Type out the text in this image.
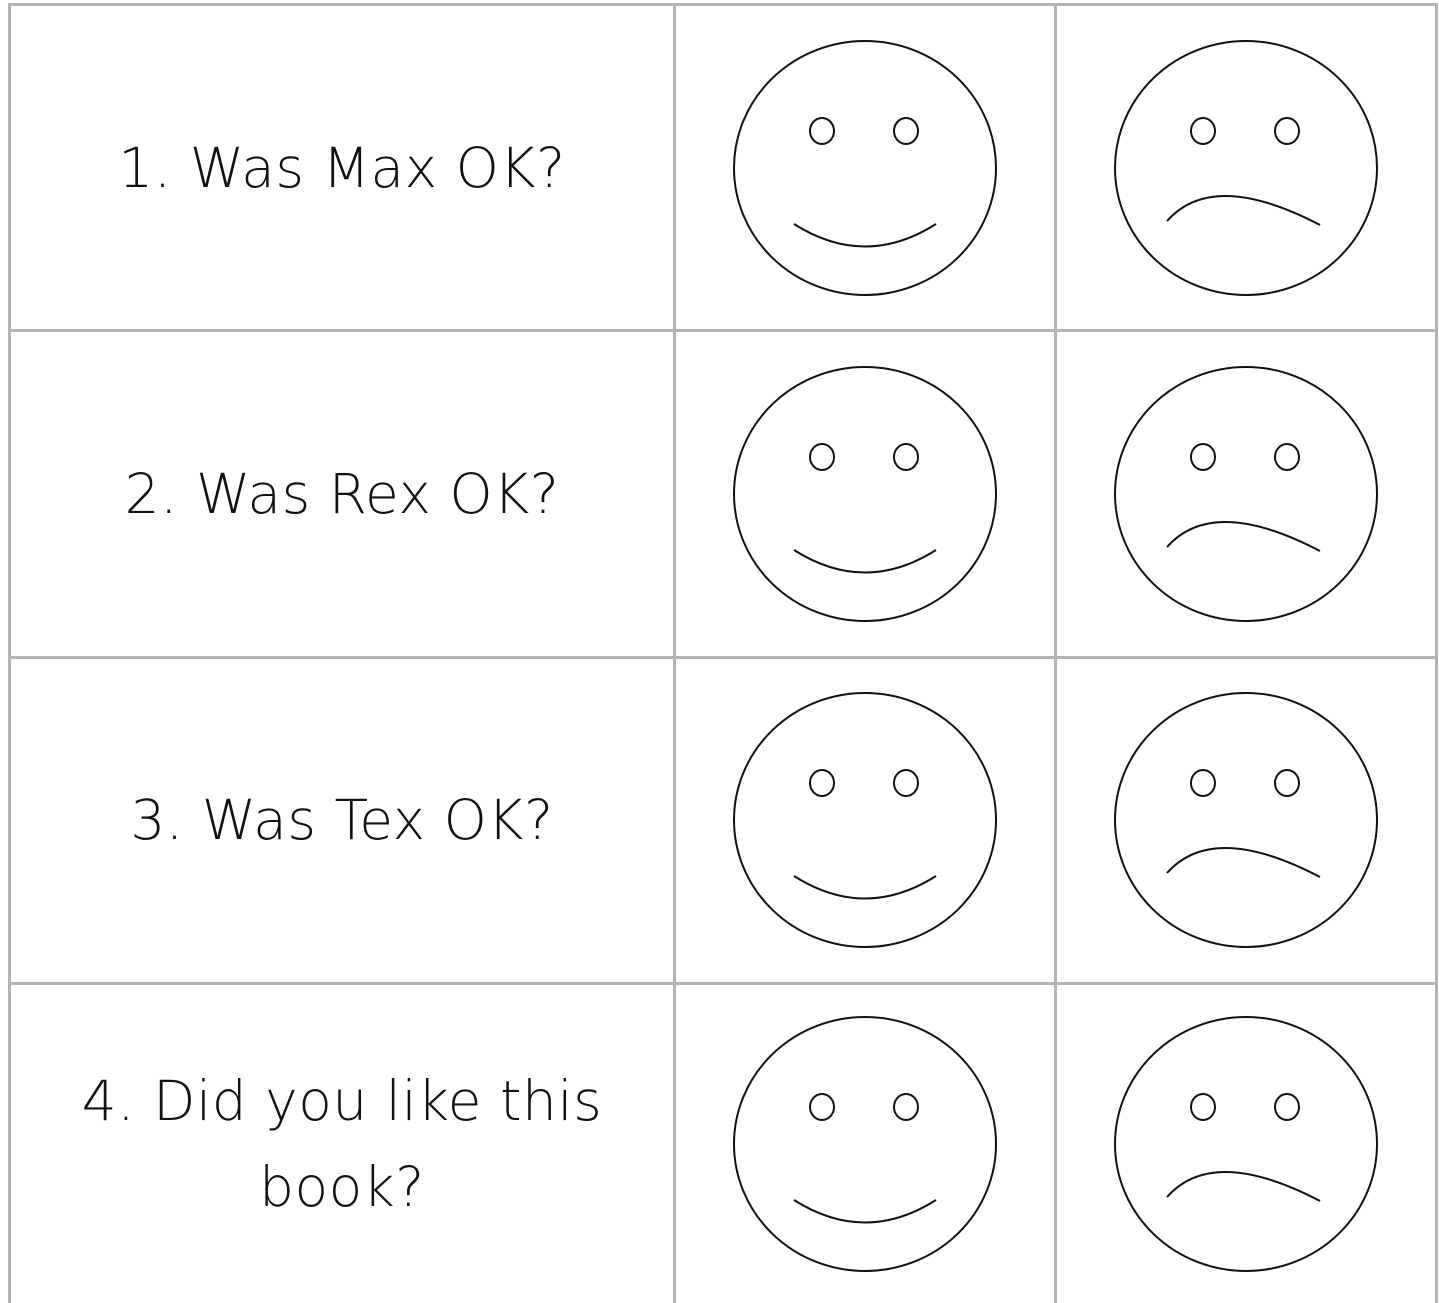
1. Was Max OK?	

2. Was Rex OK?	

3. Was Tex OK?	

4. Did you like this book?	
